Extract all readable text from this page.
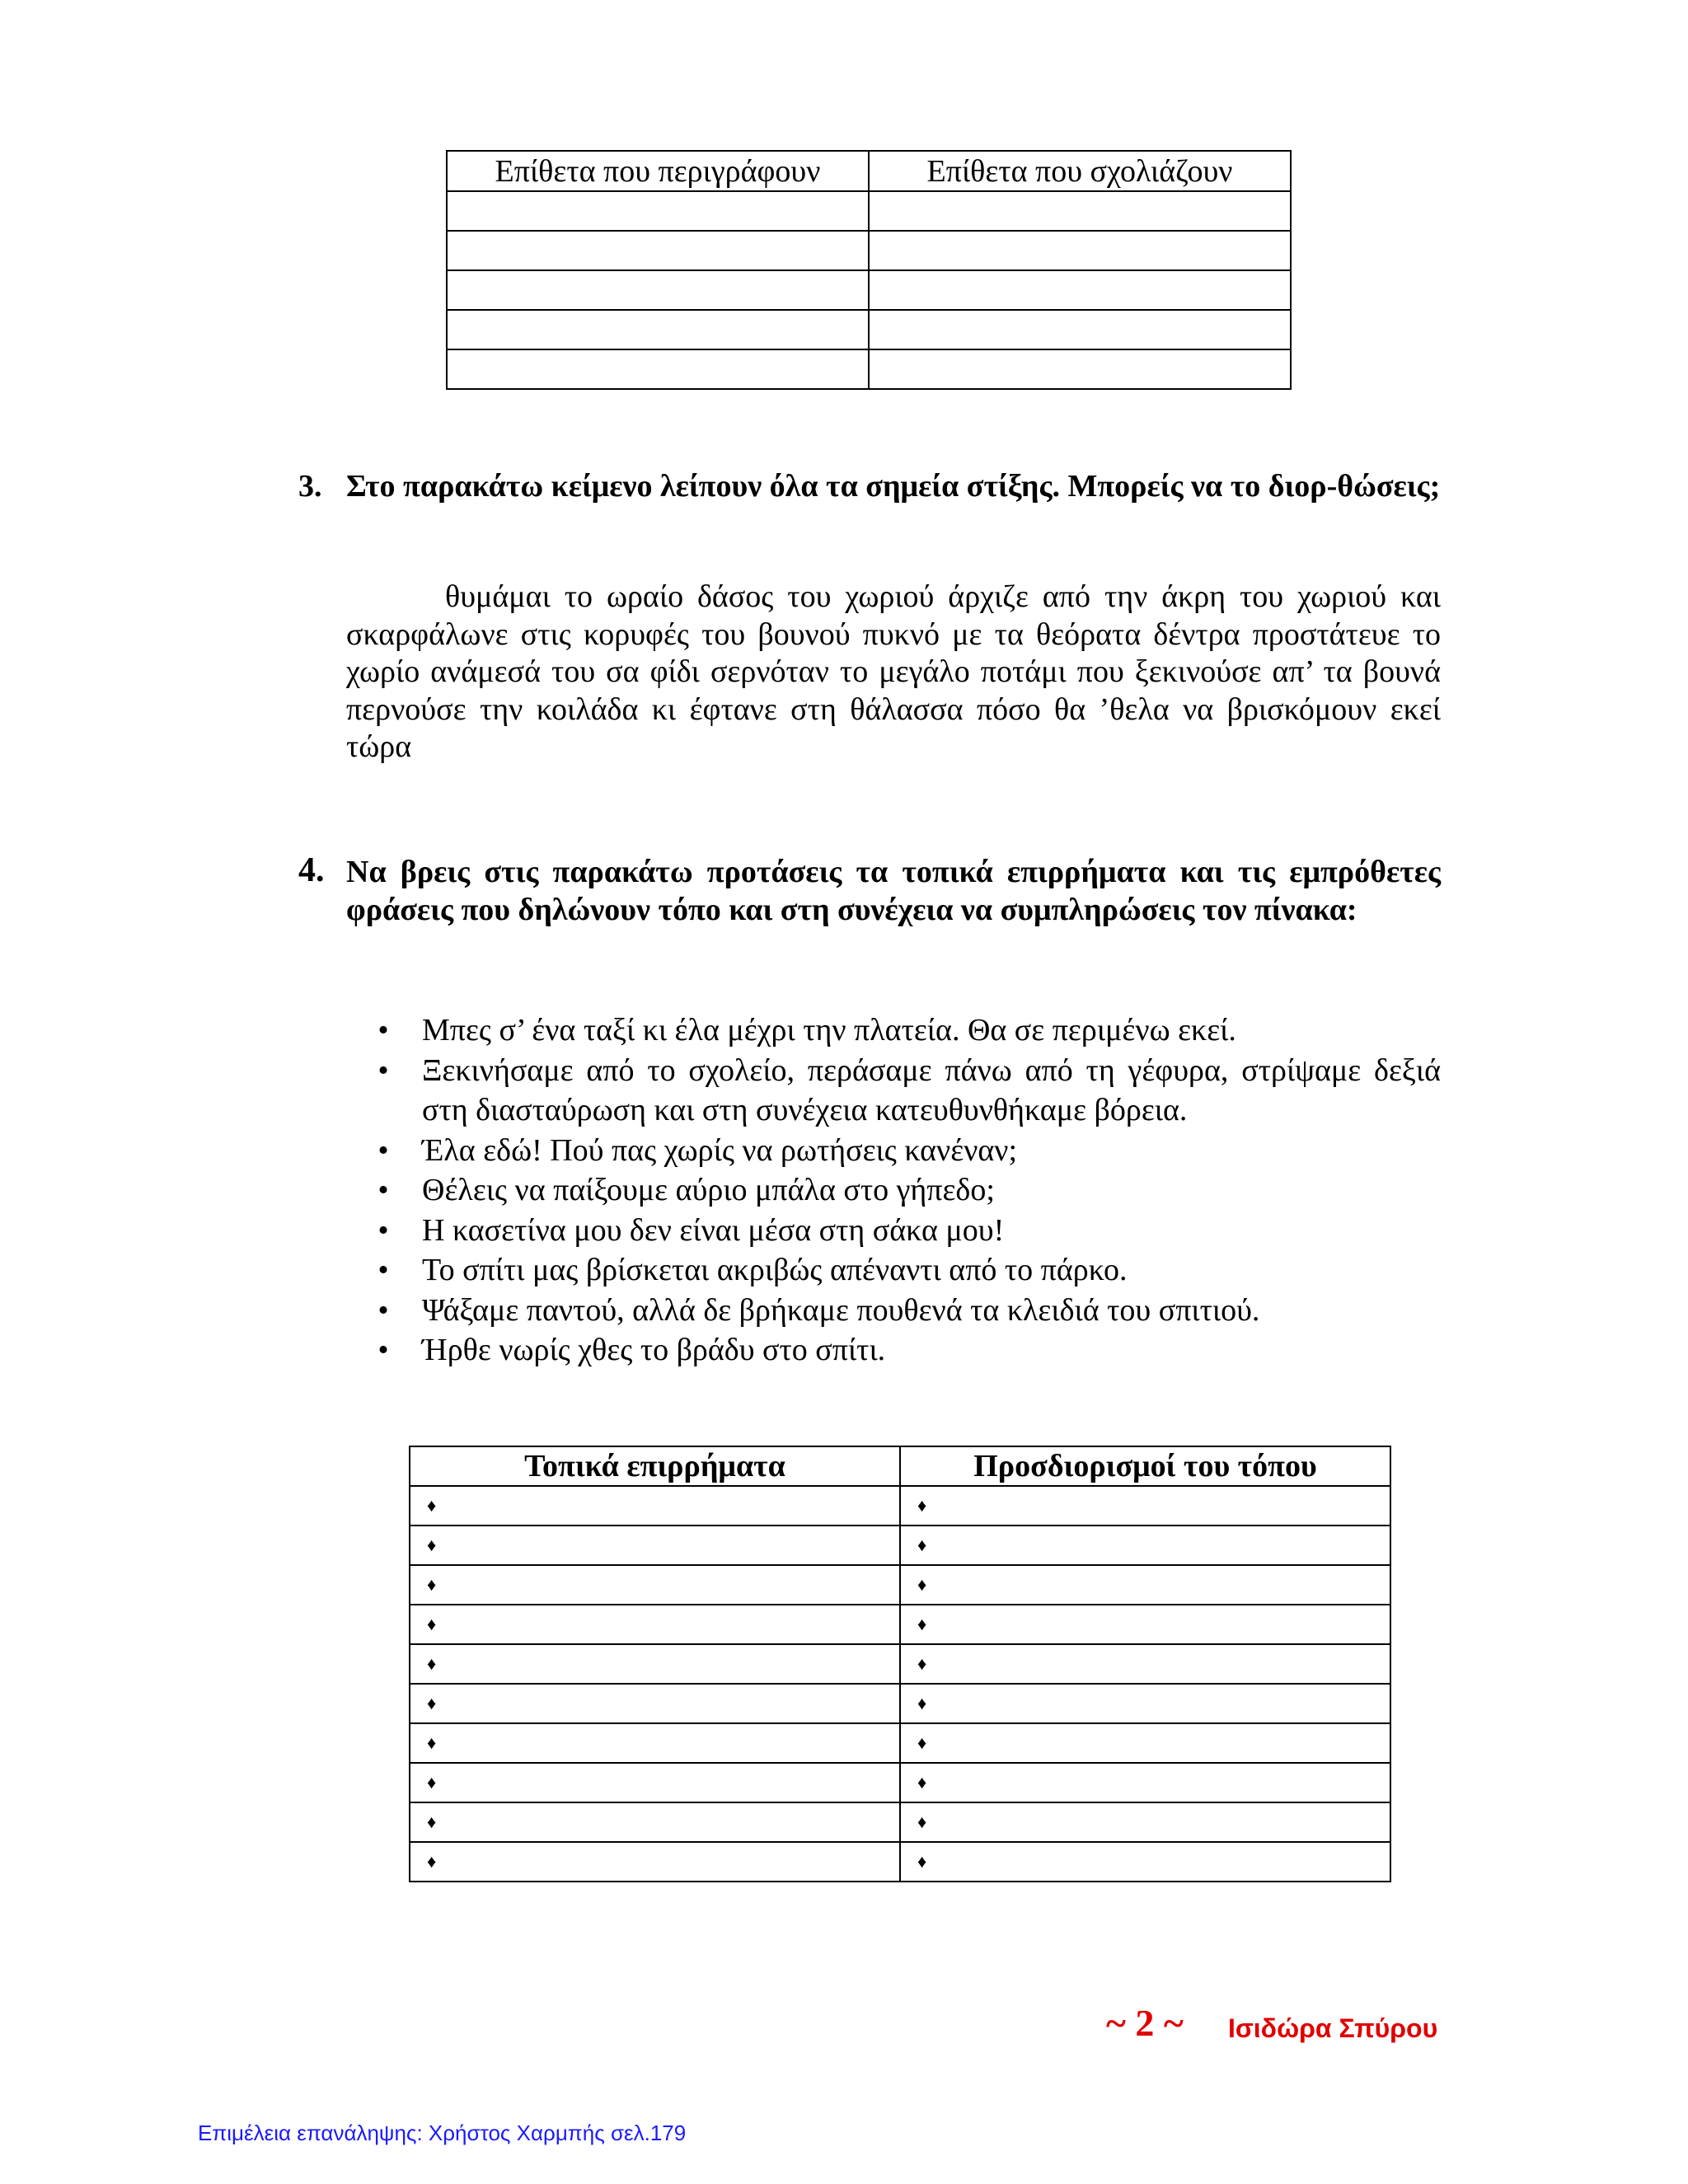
Επίθετα που περιγράφουν	Επίθετα που σχολιάζουν

3. Στο παρακάτω κείμενο λείπουν όλα τα σημεία στίξης. Μπορείς να το διορ-θώσεις;
θυμάμαι το ωραίο δάσος του χωριού άρχιζε από την άκρη του χωριού και σκαρφάλωνε στις κορυφές του βουνού πυκνό με τα θεόρατα δέντρα προστάτευε το χωρίο ανάμεσά του σα φίδι σερνόταν το μεγάλο ποτάμι που ξεκινούσε απ’ τα βουνά περνούσε την κοιλάδα κι έφτανε στη θάλασσα πόσο θα ’θελα να βρισκόμουν εκεί τώρα
4. Να βρεις στις παρακάτω προτάσεις τα τοπικά επιρρήματα και τις εμπρόθετες φράσεις που δηλώνουν τόπο και στη συνέχεια να συμπληρώσεις τον πίνακα:
• Μπες σ’ ένα ταξί κι έλα μέχρι την πλατεία. Θα σε περιμένω εκεί.
• Ξεκινήσαμε από το σχολείο, περάσαμε πάνω από τη γέφυρα, στρίψαμε δεξιά στη διασταύρωση και στη συνέχεια κατευθυνθήκαμε βόρεια.
• Έλα εδώ! Πού πας χωρίς να ρωτήσεις κανέναν;
• Θέλεις να παίξουμε αύριο μπάλα στο γήπεδο;
• Η κασετίνα μου δεν είναι μέσα στη σάκα μου!
• Το σπίτι μας βρίσκεται ακριβώς απέναντι από το πάρκο.
• Ψάξαμε παντού, αλλά δε βρήκαμε πουθενά τα κλειδιά του σπιτιού.
• Ήρθε νωρίς χθες το βράδυ στο σπίτι.
Τοπικά επιρρήματα	Προσδιορισμοί του τόπου
♦	♦
♦	♦
♦	♦
♦	♦
♦	♦
♦	♦
♦	♦
♦	♦
♦	♦
♦	♦
~ 2 ~ Ισιδώρα Σπύρου
Επιμέλεια επανάληψης: Χρήστος Χαρμπής σελ.179
